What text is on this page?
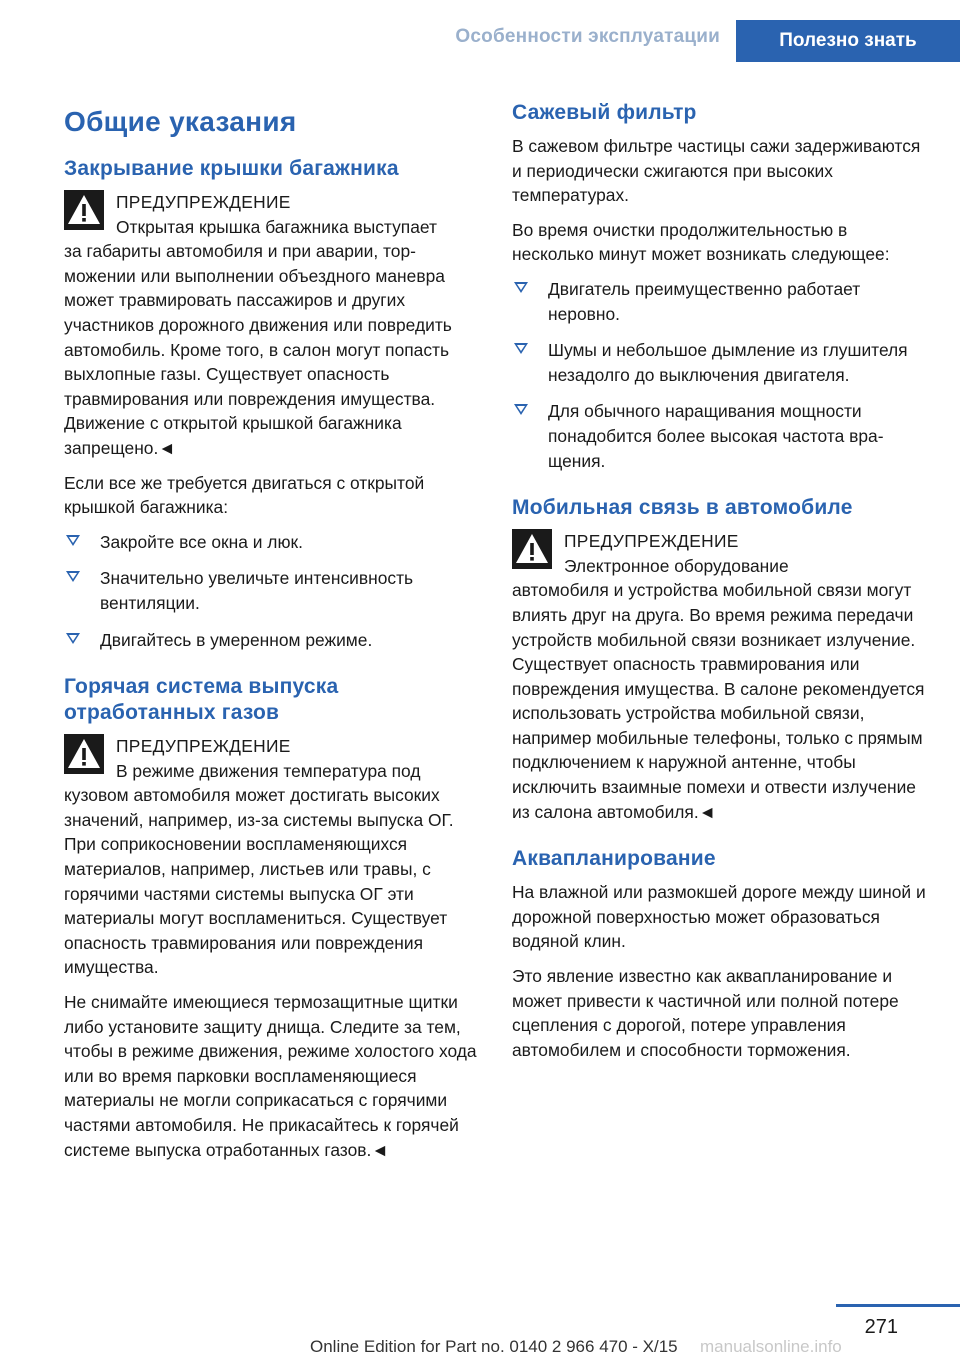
Особенности эксплуатации	Полезно знать
Общие указания
Закрывание крышки багажника
ПРЕДУПРЕЖДЕНИЕ
Открытая крышка багажника выступает
за габариты автомобиля и при аварии, торможении или выполнении объездного маневра может травмировать пассажиров и других участников дорожного движения или повредить автомобиль. Кроме того, в салон могут попасть выхлопные газы. Существует опасность травмирования или повреждения имущества. Движение с открытой крышкой багажника запрещено.◄
Если все же требуется двигаться с открытой крышкой багажника:
Закройте все окна и люк.
Значительно увеличьте интенсивность вентиляции.
Двигайтесь в умеренном режиме.
Горячая система выпуска отработанных газов
ПРЕДУПРЕЖДЕНИЕ
В режиме движения температура под
кузовом автомобиля может достигать высоких значений, например, из-за системы выпуска ОГ. При соприкосновении воспламеняющихся материалов, например, листьев или травы, с горячими частями системы выпуска ОГ эти материалы могут воспламениться. Существует опасность травмирования или повреждения имущества.
Не снимайте имеющиеся термозащитные щитки либо установите защиту днища. Следите за тем, чтобы в режиме движения, режиме холостого хода или во время парковки воспламеняющиеся материалы не могли соприкасаться с горячими частями автомобиля. Не прикасайтесь к горячей системе выпуска отработанных газов.◄
Сажевый фильтр
В сажевом фильтре частицы сажи задерживаются и периодически сжигаются при высоких температурах.
Во время очистки продолжительностью в несколько минут может возникать следующее:
Двигатель преимущественно работает неровно.
Шумы и небольшое дымление из глушителя незадолго до выключения двигателя.
Для обычного наращивания мощности понадобится более высокая частота вращения.
Мобильная связь в автомобиле
ПРЕДУПРЕЖДЕНИЕ
Электронное оборудование
автомобиля и устройства мобильной связи могут влиять друг на друга. Во время режима передачи устройств мобильной связи возникает излучение. Существует опасность травмирования или повреждения имущества. В салоне рекомендуется использовать устройства мобильной связи, например мобильные телефоны, только с прямым подключением к наружной антенне, чтобы исключить взаимные помехи и отвести излучение из салона автомобиля.◄
Аквапланирование
На влажной или размокшей дороге между шиной и дорожной поверхностью может образоваться водяной клин.
Это явление известно как аквапланирование и может привести к частичной или полной потере сцепления с дорогой, потере управления автомобилем и способности торможения.
271
Online Edition for Part no. 0140 2 966 470 - X/15 manualsonline.info
